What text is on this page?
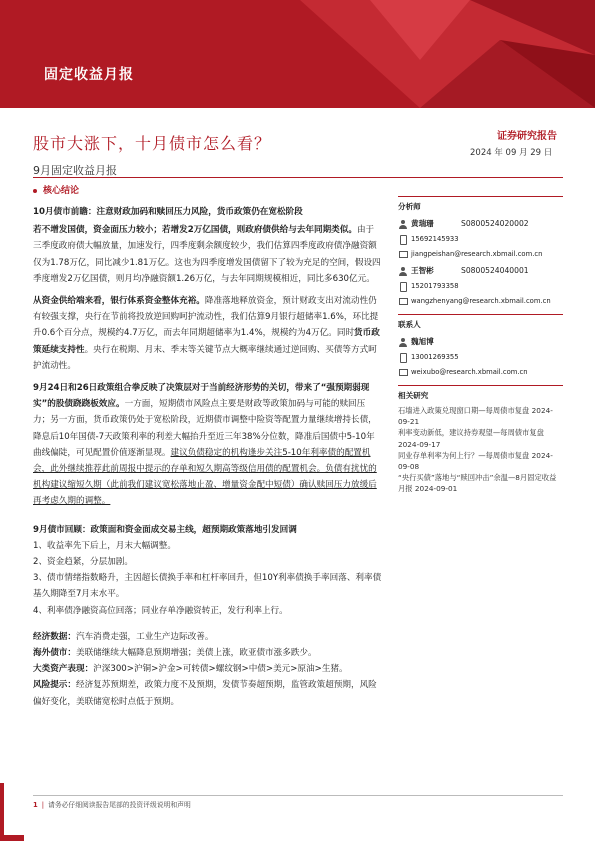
固定收益月报
股市大涨下，十月债市怎么看？
9月固定收益月报
证券研究报告
2024 年 09 月 29 日
核心结论

10月债市前瞻：注意财政加码和赎回压力风险，货币政策仍在宽松阶段

若不增发国债，资金面压力较小；若增发2万亿国债，则政府债供给与去年同期类似。由于三季度政府债大幅放量，加速发行，四季度剩余额度较少，我们估算四季度政府债净融资额仅为1.78万亿，同比减少1.81万亿。这也为四季度增发国债留下了较为充足的空间，假设四季度增发2万亿国债，则月均净融资额1.26万亿，与去年同期规模相近，同比多630亿元。

从资金供给端来看，银行体系资金整体充裕。降准落地释放资金，预计财政支出对流动性仍有较强支撑，央行在节前将投放逆回购呵护流动性，我们估算9月银行超储率1.6%，环比提升0.6个百分点，规模约4.7万亿，而去年同期超储率为1.4%，规模约为4万亿。同时货币政策延续支持性。央行在税期、月末、季末等关键节点大概率继续通过逆回购、买债等方式呵护流动性。

9月24日和26日政策组合拳反映了决策层对于当前经济形势的关切，带来了“强预期弱现实”的股债跷跷板效应。一方面，短期债市风险点主要是财政等政策加码与可能的赎回压力；另一方面，货币政策仍处于宽松阶段，近期债市调整中险资等配置力量继续增持长债，降息后10年国债-7天政策利率的利差大幅抬升至近三年38%分位数，降准后国债中5-10年曲线偏陡，可见配置价值逐渐显现。建议负债稳定的机构逢步关注5-10年利率债的配置机会，此外继续推荐此前周报中提示的存单和短久期高等级信用债的配置机会。负债有扰忧的机构建议缩短久期（此前我们建议宽松落地止盈、增量资金配中短债）确认赎回压力放缓后再考虑久期的调整。

9月债市回顾：政策面和资金面成交易主线，超预期政策落地引发回调

1、收益率先下后上，月末大幅调整。

2、资金趋紧，分层加剧。

3、债市情绪指数略升，主因超长债换手率和杠杆率回升，但10Y利率债换手率回落、利率债基久期降至7月末水平。

4、利率债净融资高位回落；同业存单净融资转正，发行利率上行。

经济数据：汽车消费走强，工业生产边际改善。

海外债市：美联储继续大幅降息预期增强；美债上涨，欧亚债市涨多跌少。

大类资产表现：沪深300>沪铜>沪金>可转债>螺纹钢>中债>美元>原油>生猪。

风险提示：经济复苏预期差，政策力度不及预期，发债节奏超预期，监管政策超预期，风险偏好变化，美联储宽松时点低于预期。

分析师
黄瑞珊	S0800524020002
15692145933
jiangpeishan@research.xbmail.com.cn
王智彬	S0800524040001
15201793358
wangzhenyang@research.xbmail.com.cn
联系人
魏旭博
13001269355
weixubo@research.xbmail.com.cn
相关研究

石墙进入政策兑现窗口期—每周债市复盘 2024-09-21

利率变动新低，建议持券观望—每周债市复盘 2024-09-17

同业存单利率为何上行？—每周债市复盘 2024-09-08

“央行买债”落地与“赎回冲击”余温—8月固定收益月报 2024-09-01

1 | 请务必仔细阅读报告尾部的投资评级说明和声明
